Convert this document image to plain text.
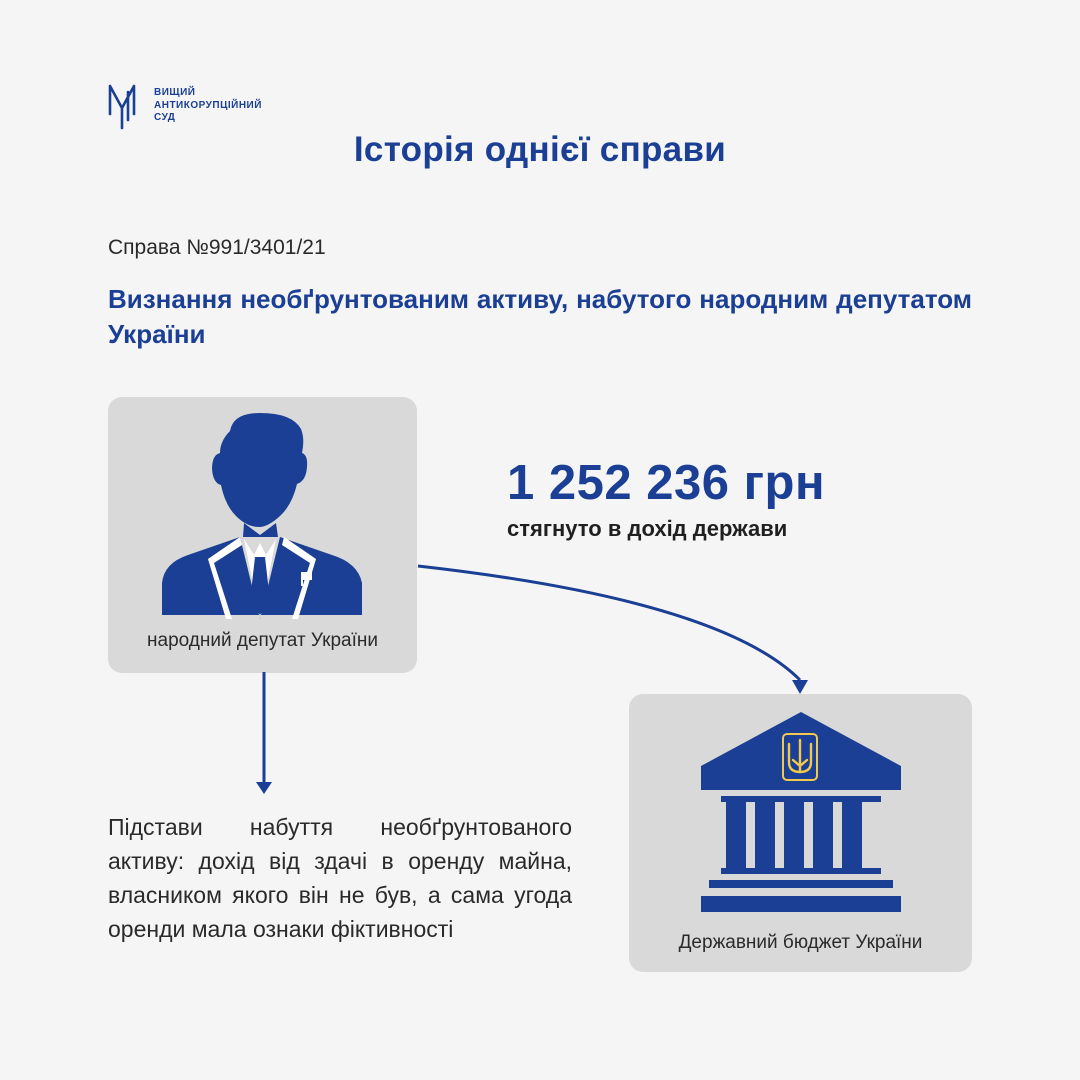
ВИЩИЙ
АНТИКОРУПЦІЙНИЙ
СУД
Історія однієї справи
Справа №991/3401/21
Визнання необґрунтованим активу, набутого народним депутатом України
народний депутат України
Державний бюджет України
1 252 236 грн
стягнуто в дохід держави
Підстави набуття необґрунтованого активу: дохід від здачі в оренду майна, власником якого він не був, а сама угода оренди мала ознаки фіктивності
